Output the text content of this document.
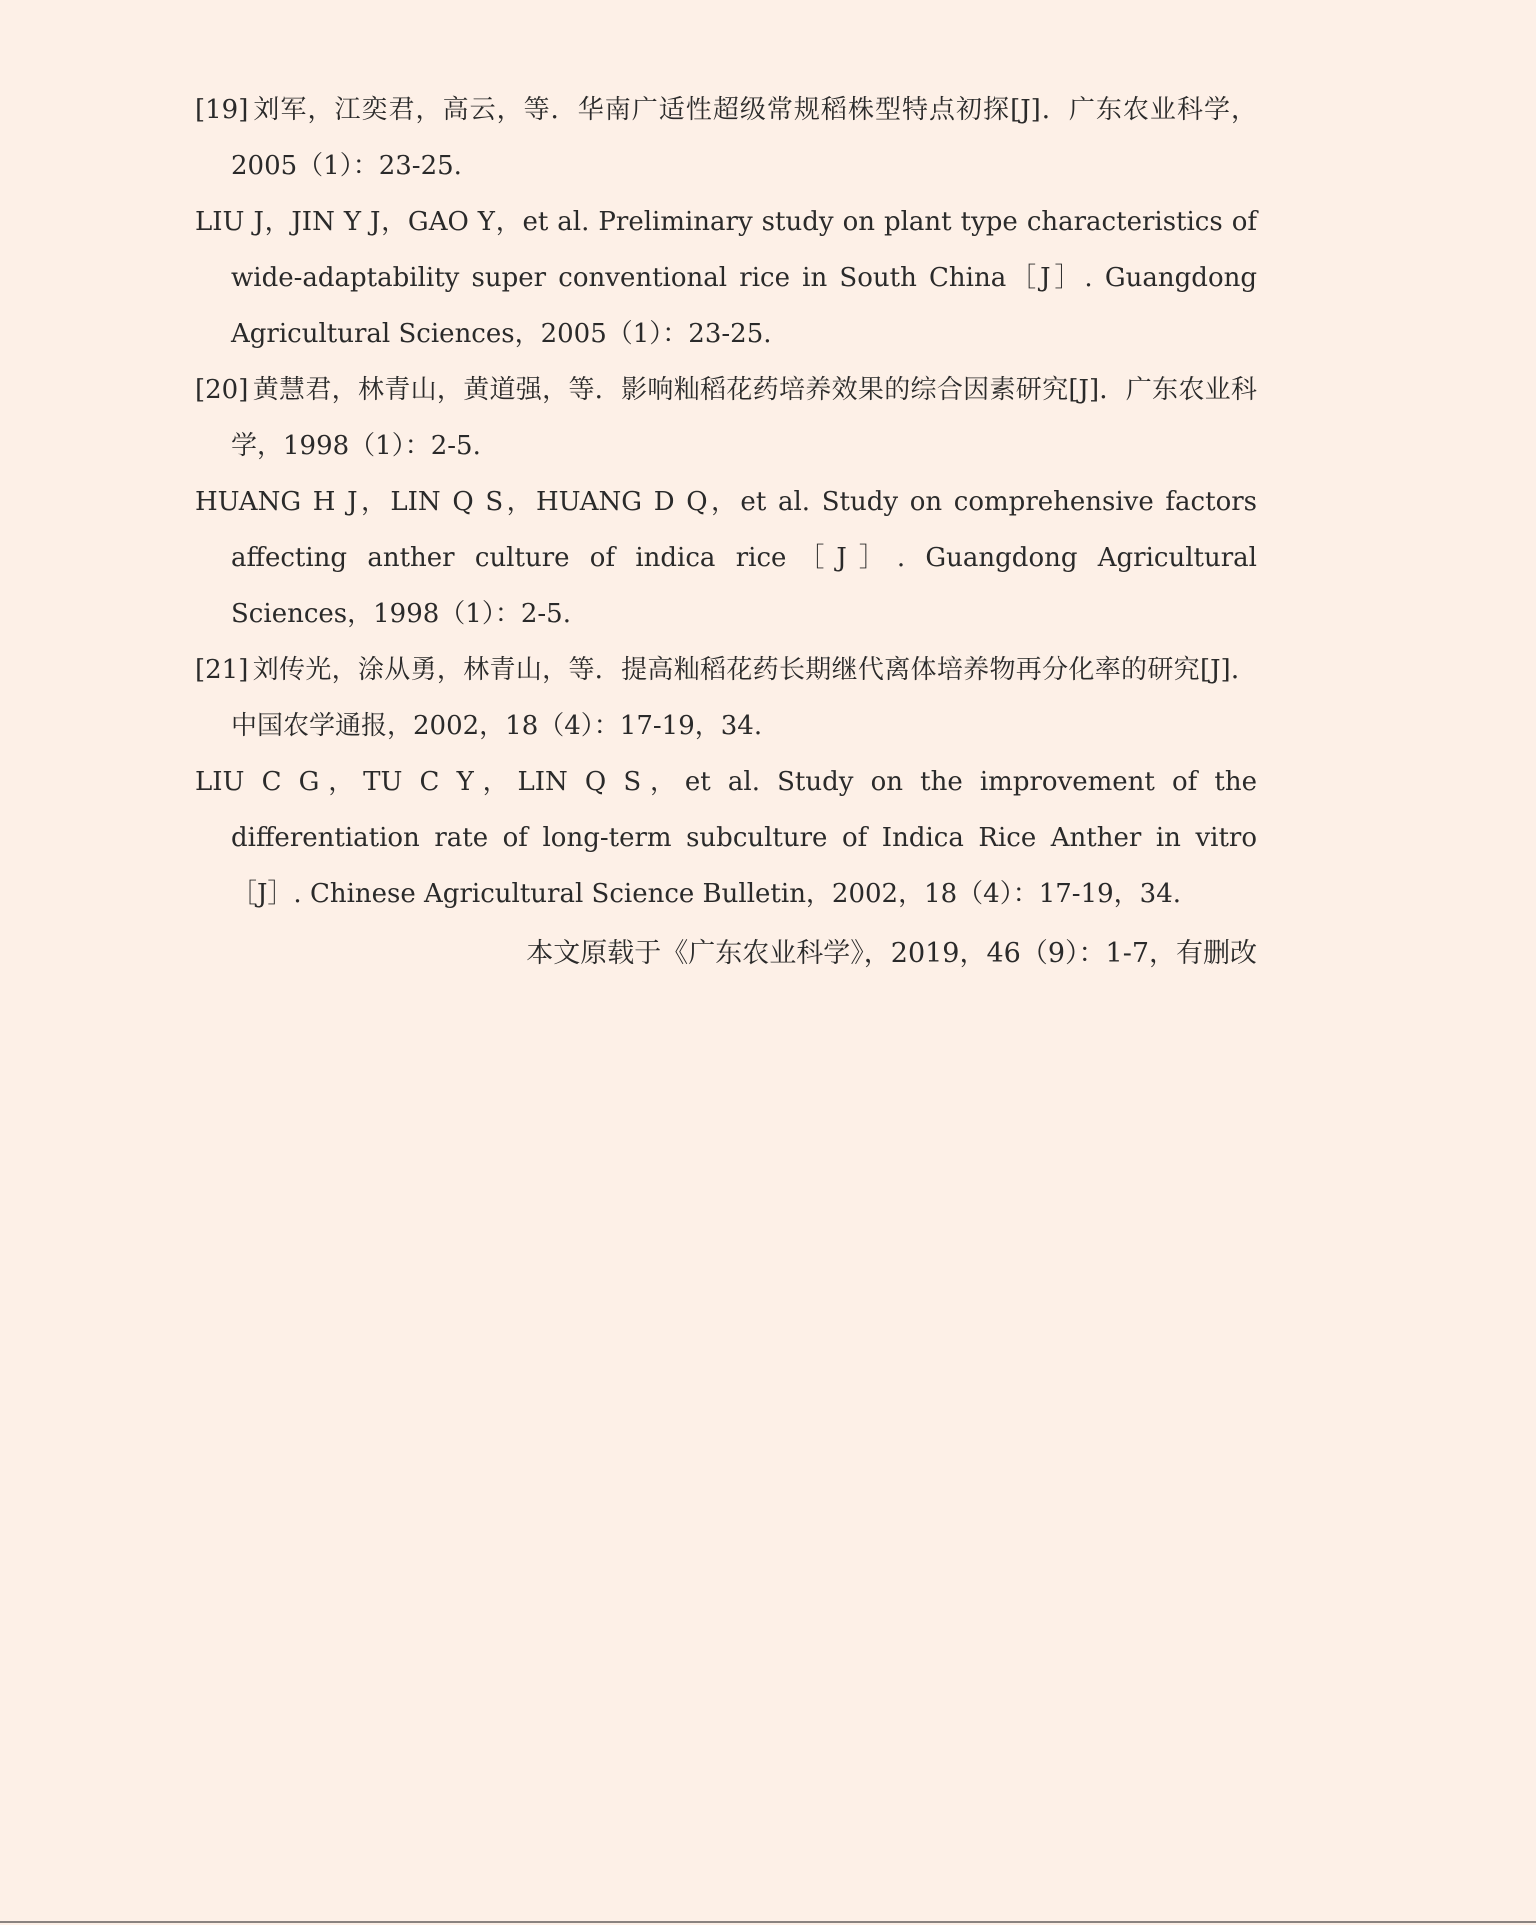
[19] 刘军，江奕君，高云，等．华南广适性超级常规稻株型特点初探[J]．广东农业科学，2005（1）：23-25.
LIU J，JIN Y J，GAO Y，et al. Preliminary study on plant type characteristics of wide-adaptability super conventional rice in South China［J］. Guangdong Agricultural Sciences，2005（1）：23-25.
[20] 黄慧君，林青山，黄道强，等．影响籼稻花药培养效果的综合因素研究[J]．广东农业科学，1998（1）：2-5.
HUANG H J，LIN Q S，HUANG D Q，et al. Study on comprehensive factors affecting anther culture of indica rice［J］. Guangdong Agricultural Sciences，1998（1）：2-5.
[21] 刘传光，涂从勇，林青山，等．提高籼稻花药长期继代离体培养物再分化率的研究[J]．中国农学通报，2002，18（4）：17-19，34.
LIU C G，TU C Y，LIN Q S，et al. Study on the improvement of the differentiation rate of long-term subculture of Indica Rice Anther in vitro［J］. Chinese Agricultural Science Bulletin，2002，18（4）：17-19，34.
本文原载于《广东农业科学》，2019，46（9）：1-7，有删改
